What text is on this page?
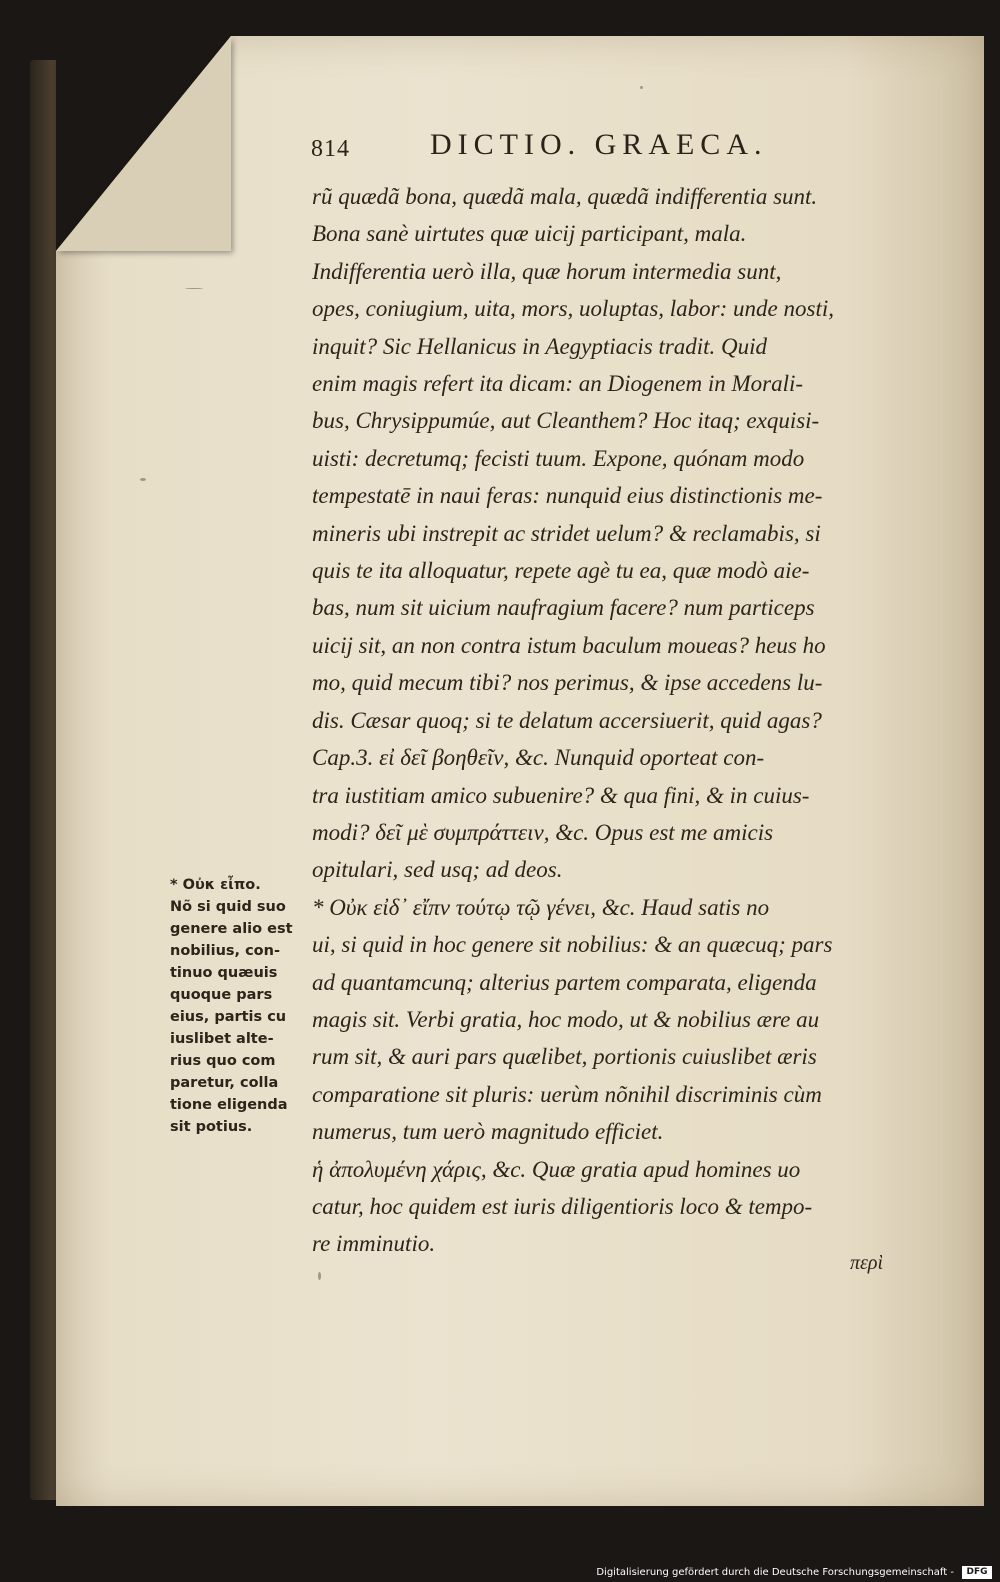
814	DICTIO. GRAECA.
rũ quædã bona, quædã mala, quædã indifferentia sunt.
Bona sanè uirtutes quæ uicij participant, mala.
Indifferentia uerò illa, quæ horum intermedia sunt,
opes, coniugium, uita, mors, uoluptas, labor: unde nosti,
inquit? Sic Hellanicus in Aegyptiacis tradit. Quid
enim magis refert ita dicam: an Diogenem in Morali-
bus, Chrysippumúe, aut Cleanthem? Hoc itaq; exquisi-
uisti: decretumq; fecisti tuum. Expone, quónam modo
tempestatē in naui feras: nunquid eius distinctionis me-
mineris ubi instrepit ac stridet uelum? & reclamabis, si
quis te ita alloquatur, repete agè tu ea, quæ modò aie-
bas, num sit uicium naufragium facere? num particeps
uicij sit, an non contra istum baculum moueas? heus ho
mo, quid mecum tibi? nos perimus, & ipse accedens lu-
dis. Cæsar quoq; si te delatum accersiuerit, quid agas?
Cap.3. εἰ δεῖ βοηθεῖν, &c. Nunquid oporteat con-
tra iustitiam amico subuenire? & qua fini, & in cuius-
modi? δεῖ μὲ συμπράττειν, &c. Opus est me amicis
opitulari, sed usq; ad deos.
* Οὐκ εἰδ᾽ εἴπν τούτῳ τῷ γένει, &c. Haud satis no
ui, si quid in hoc genere sit nobilius: & an quæcuq; pars
ad quantamcunq; alterius partem comparata, eligenda
magis sit. Verbi gratia, hoc modo, ut & nobilius ære au
rum sit, & auri pars quælibet, portionis cuiuslibet æris
comparatione sit pluris: uerùm nõnihil discriminis cùm
numerus, tum uerò magnitudo efficiet.
ἡ ἀπολυμένη χάρις, &c. Quæ gratia apud homines uo
catur, hoc quidem est iuris diligentioris loco & tempo-
re imminutio.
* Οὐκ εἶπο.
Nõ si quid suo
genere alio est
nobilius, con-
tinuo quæuis
quoque pars
eius, partis cu
iuslibet alte-
rius quo com
paretur, colla
tione eligenda
sit potius.
περὶ
Digitalisierung gefördert durch die Deutsche Forschungsgemeinschaft -	DFG
